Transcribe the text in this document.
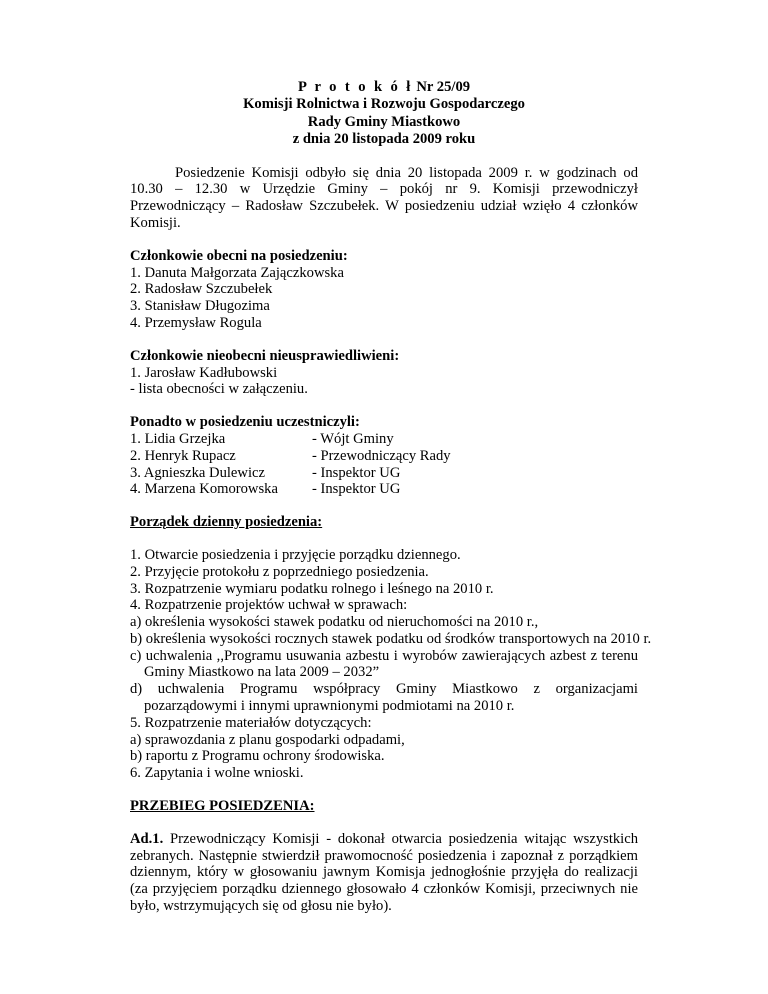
P r o t o k ó ł Nr 25/09
Komisji Rolnictwa i Rozwoju Gospodarczego
Rady Gminy Miastkowo
z dnia 20 listopada 2009 roku
Posiedzenie Komisji odbyło się dnia 20 listopada 2009 r. w godzinach od 10.30 – 12.30 w Urzędzie Gminy – pokój nr 9. Komisji przewodniczył Przewodniczący – Radosław Szczubełek. W posiedzeniu udział wzięło 4 członków Komisji.
Członkowie obecni na posiedzeniu:
1. Danuta Małgorzata Zajączkowska
2. Radosław Szczubełek
3. Stanisław Długozima
4. Przemysław Rogula
Członkowie nieobecni nieusprawiedliwieni:
1. Jarosław Kadłubowski
- lista obecności w załączeniu.
Ponadto w posiedzeniu uczestniczyli:
1. Lidia Grzejka	- Wójt Gminy
2. Henryk Rupacz	- Przewodniczący Rady
3. Agnieszka Dulewicz	- Inspektor UG
4. Marzena Komorowska	- Inspektor UG
Porządek dzienny posiedzenia:
1. Otwarcie posiedzenia i przyjęcie porządku dziennego.
2. Przyjęcie protokołu z poprzedniego posiedzenia.
3. Rozpatrzenie wymiaru podatku rolnego i leśnego na 2010 r.
4. Rozpatrzenie projektów uchwał w sprawach:
a) określenia wysokości stawek podatku od nieruchomości na 2010 r.,
b) określenia wysokości rocznych stawek podatku od środków transportowych na 2010 r.
c) uchwalenia ,,Programu usuwania azbestu i wyrobów zawierających azbest z terenu Gminy Miastkowo na lata 2009 – 2032”
d) uchwalenia Programu współpracy Gminy Miastkowo z organizacjami pozarządowymi i innymi uprawnionymi podmiotami na 2010 r.
5. Rozpatrzenie materiałów dotyczących:
a) sprawozdania z planu gospodarki odpadami,
b) raportu z Programu ochrony środowiska.
6. Zapytania i wolne wnioski.
PRZEBIEG POSIEDZENIA:
Ad.1. Przewodniczący Komisji - dokonał otwarcia posiedzenia witając wszystkich zebranych. Następnie stwierdził prawomocność posiedzenia i zapoznał z porządkiem dziennym, który w głosowaniu jawnym Komisja jednogłośnie przyjęła do realizacji (za przyjęciem porządku dziennego głosowało 4 członków Komisji, przeciwnych nie było, wstrzymujących się od głosu nie było).
